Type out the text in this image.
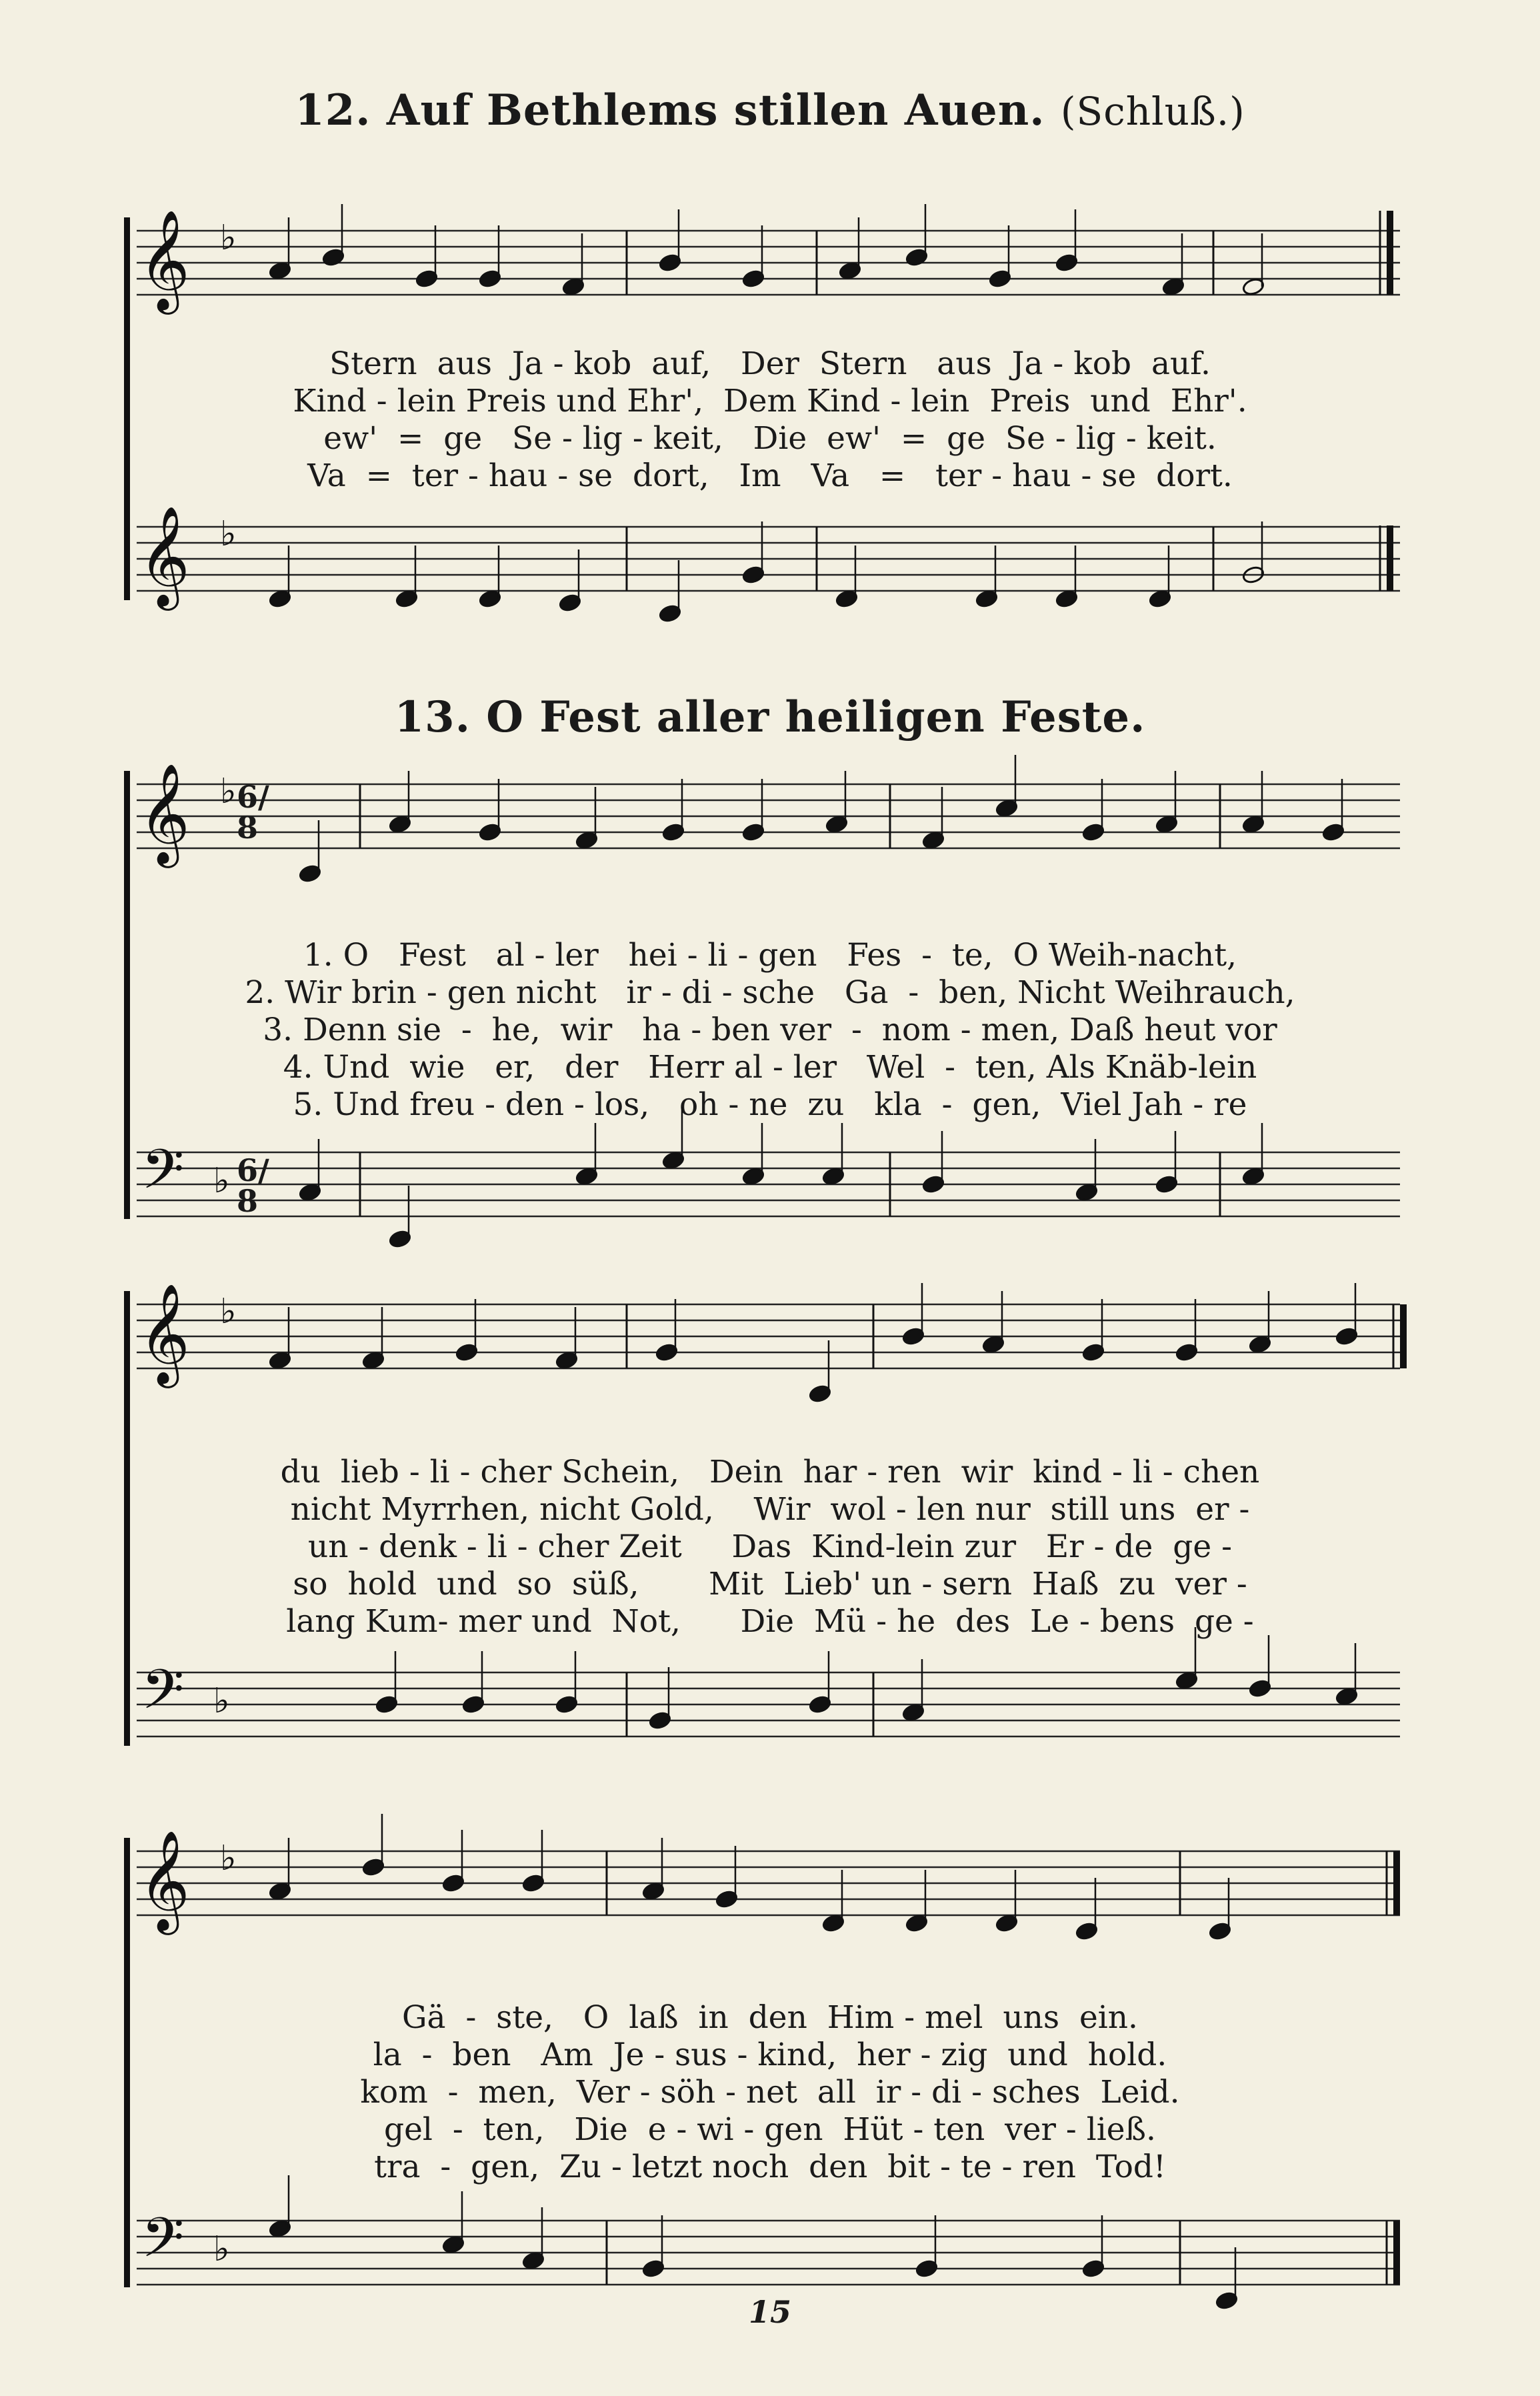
12. Auf Bethlems stillen Auen. (Schluß.)
Stern  aus  Ja - kob  auf,   Der  Stern   aus  Ja - kob  auf.
Kind - lein Preis und Ehr',  Dem Kind - lein  Preis  und  Ehr'.
ew'  =  ge   Se - lig - keit,   Die  ew'  =  ge  Se - lig - keit.
Va  =  ter - hau - se  dort,   Im   Va   =   ter - hau - se  dort.
13. O Fest aller heiligen Feste.
1. O   Fest   al - ler   hei - li - gen   Fes  -  te,  O Weih-nacht,
2. Wir brin - gen nicht   ir - di - sche   Ga  -  ben, Nicht Weihrauch,
3. Denn sie  -  he,  wir   ha - ben ver  -  nom - men, Daß heut vor
4. Und  wie   er,   der   Herr al - ler   Wel  -  ten, Als Knäb-lein
5. Und freu - den - los,   oh - ne  zu   kla  -  gen,  Viel Jah - re
du  lieb - li - cher Schein,   Dein  har - ren  wir  kind - li - chen
nicht Myrrhen, nicht Gold,    Wir  wol - len nur  still uns  er -
un - denk - li - cher Zeit     Das  Kind-lein zur   Er - de  ge -
so  hold  und  so  süß,       Mit  Lieb' un - sern  Haß  zu  ver -
lang Kum- mer und  Not,      Die  Mü - he  des  Le - bens  ge -
Gä  -  ste,   O  laß  in  den  Him - mel  uns  ein.
la  -  ben   Am  Je - sus - kind,  her - zig  und  hold.
kom  -  men,  Ver - söh - net  all  ir - di - sches  Leid.
gel  -  ten,   Die  e - wi - gen  Hüt - ten  ver - ließ.
tra  -  gen,  Zu - letzt noch  den  bit - te - ren  Tod!
𝄞
𝄞
♭
♭
𝄞
𝄢
♭
♭
𝄞
𝄢
♭
♭
𝄞
𝄢
♭
♭
6/8
6/8
15
